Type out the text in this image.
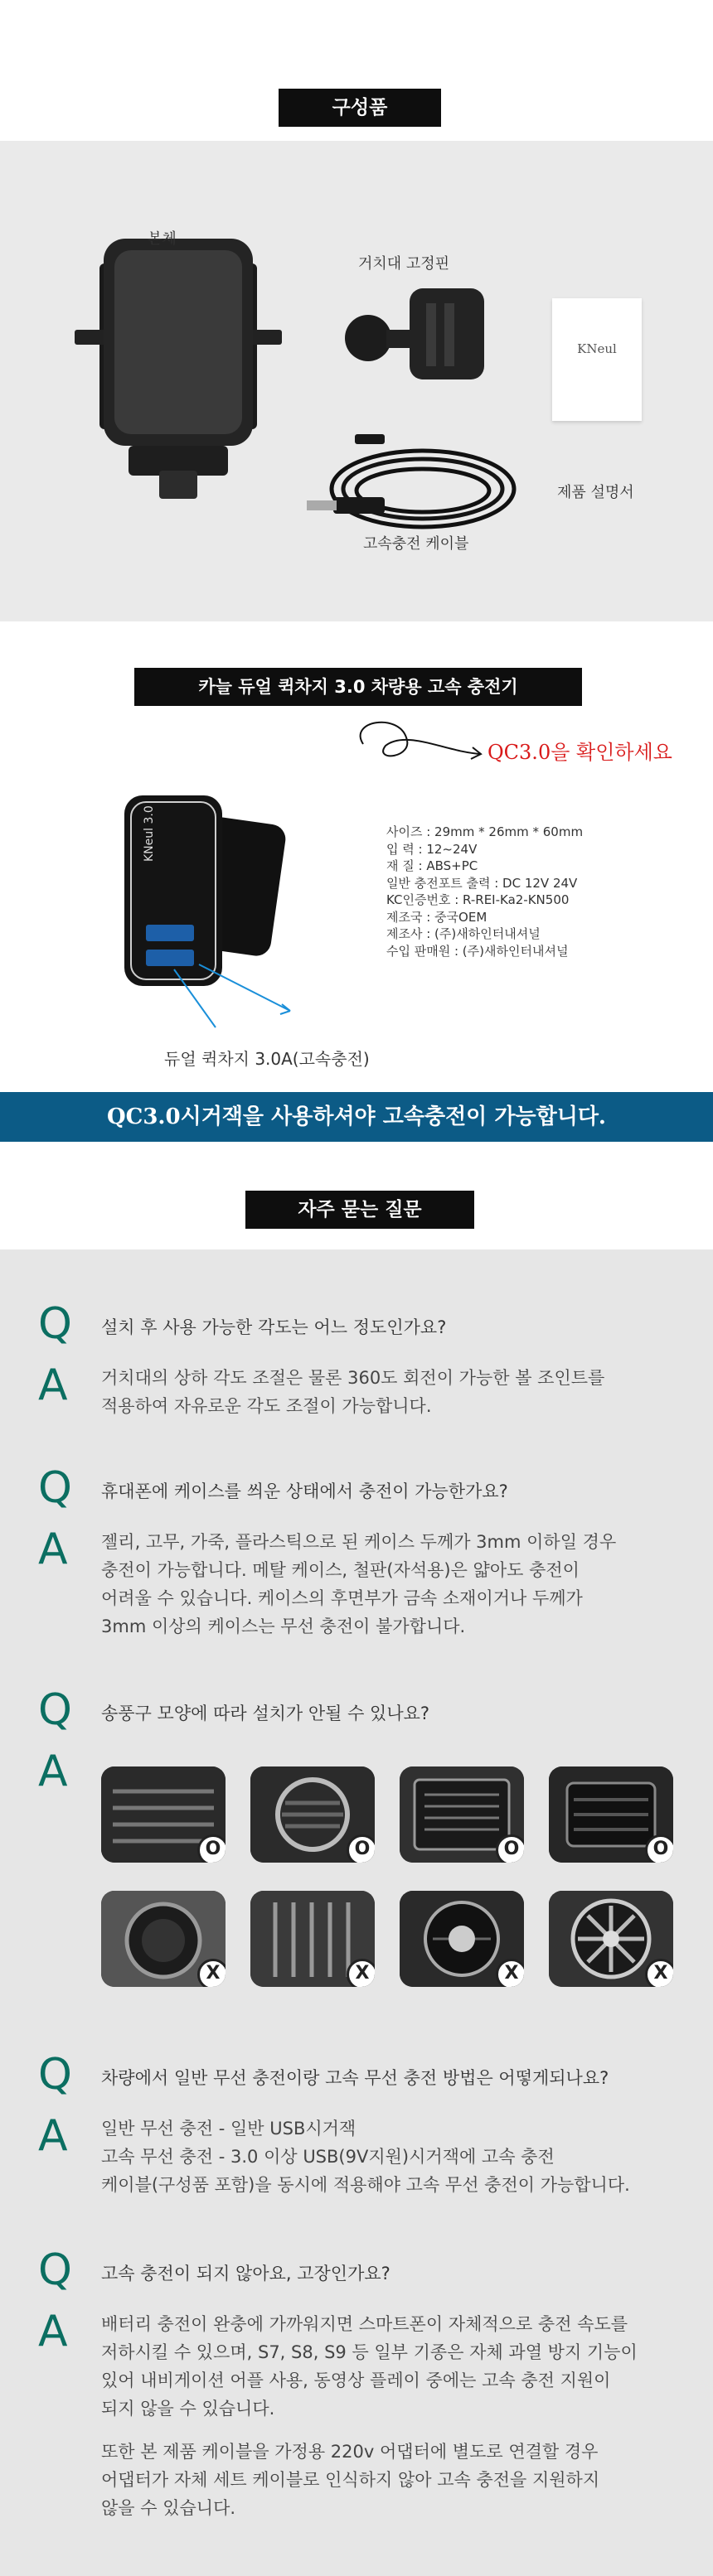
구성품
KNeul
본체
거치대 고정핀
제품 설명서
고속충전 케이블
카늘 듀얼 퀵차지 3.0 차량용 고속 충전기
QC3.0을 확인하세요
KNeul 3.0	사이즈 : 29mm * 26mm * 60mm
입 력 : 12~24V
재 질 : ABS+PC
일반 충전포트 출력 : DC 12V 24V
KC인증번호 : R-REI-Ka2-KN500
제조국 : 중국OEM
제조사 : (주)새하인터내셔널
수입 판매원 : (주)새하인터내셔널
듀얼 퀵차지 3.0A(고속충전)
QC3.0시거잭을 사용하셔야 고속충전이 가능합니다.
자주 묻는 질문
Q 설치 후 사용 가능한 각도는 어느 정도인가요?
A 거치대의 상하 각도 조절은 물론 360도 회전이 가능한 볼 조인트를
적용하여 자유로운 각도 조절이 가능합니다.
Q 휴대폰에 케이스를 씌운 상태에서 충전이 가능한가요?
A 젤리, 고무, 가죽, 플라스틱으로 된 케이스 두께가 3mm 이하일 경우
충전이 가능합니다. 메탈 케이스, 철판(자석용)은 얇아도 충전이
어려울 수 있습니다. 케이스의 후면부가 금속 소재이거나 두께가
3mm 이상의 케이스는 무선 충전이 불가합니다.
Q 송풍구 모양에 따라 설치가 안될 수 있나요?
A
O	O	O	O
X	X	X	X
Q 차량에서 일반 무선 충전이랑 고속 무선 충전 방법은 어떻게되나요?
A 일반 무선 충전 - 일반 USB시거잭
고속 무선 충전 - 3.0 이상 USB(9V지원)시거잭에 고속 충전
케이블(구성품 포함)을 동시에 적용해야 고속 무선 충전이 가능합니다.
Q 고속 충전이 되지 않아요, 고장인가요?
A 배터리 충전이 완충에 가까워지면 스마트폰이 자체적으로 충전 속도를
저하시킬 수 있으며, S7, S8, S9 등 일부 기종은 자체 과열 방지 기능이
있어 내비게이션 어플 사용, 동영상 플레이 중에는 고속 충전 지원이
되지 않을 수 있습니다.
또한 본 제품 케이블을 가정용 220v 어댑터에 별도로 연결할 경우
어댑터가 자체 세트 케이블로 인식하지 않아 고속 충전을 지원하지
않을 수 있습니다.
